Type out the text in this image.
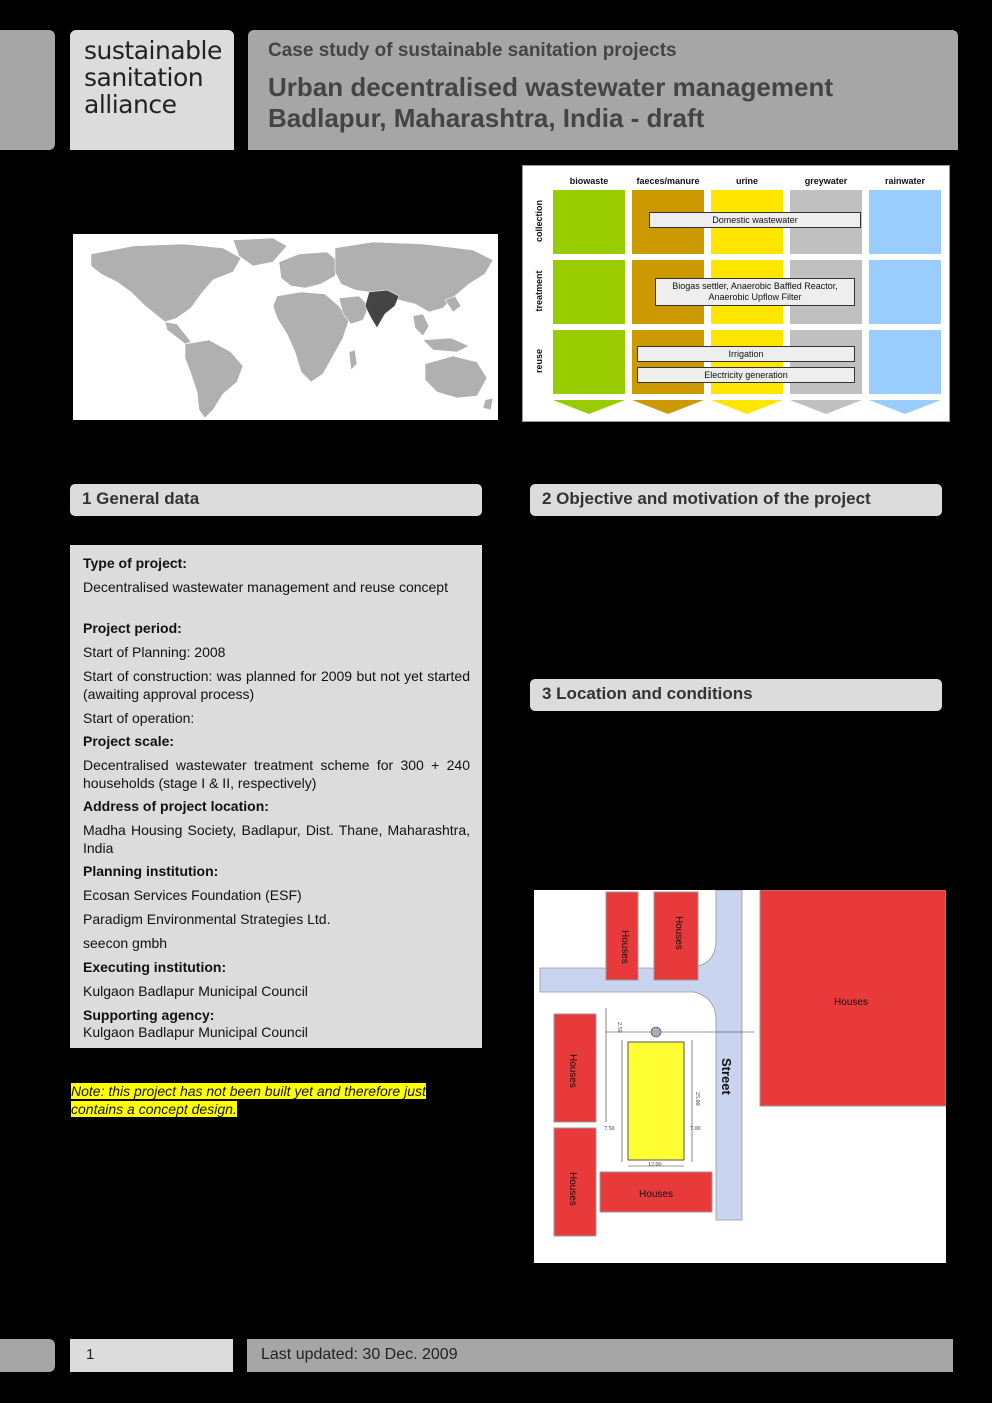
sustainable
sanitation
alliance
Case study of sustainable sanitation projects
Urban decentralised wastewater management
Badlapur, Maharashtra, India - draft
biowaste	faeces/manure	urine	greywater	rainwater
collection
treatment
reuse
Domestic wastewater
Biogas settler, Anaerobic Baffled Reactor,
Anaerobic Upflow Filter
Irrigation
Electricity generation
1 General data	2 Objective and motivation of the project
3 Location and conditions
Type of project:
Decentralised wastewater management and reuse concept
Project period:
Start of Planning: 2008
Start of construction: was planned for 2009 but not yet started (awaiting approval process)
Start of operation:
Project scale:
Decentralised wastewater treatment scheme for 300 + 240 households (stage I & II, respectively)
Address of project location:
Madha Housing Society, Badlapur, Dist. Thane, Maharashtra, India
Planning institution:
Ecosan Services Foundation (ESF)
Paradigm Environmental Strategies Ltd.
seecon gmbh
Executing institution:
Kulgaon Badlapur Municipal Council
Supporting agency:
Kulgaon Badlapur Municipal Council
Note: this project has not been built yet and therefore just contains a concept design.
Houses	Houses
Houses
Houses
Houses	Houses
Street
2.50
7.50	7.00
25.00
12.00
1	Last updated: 30 Dec. 2009
